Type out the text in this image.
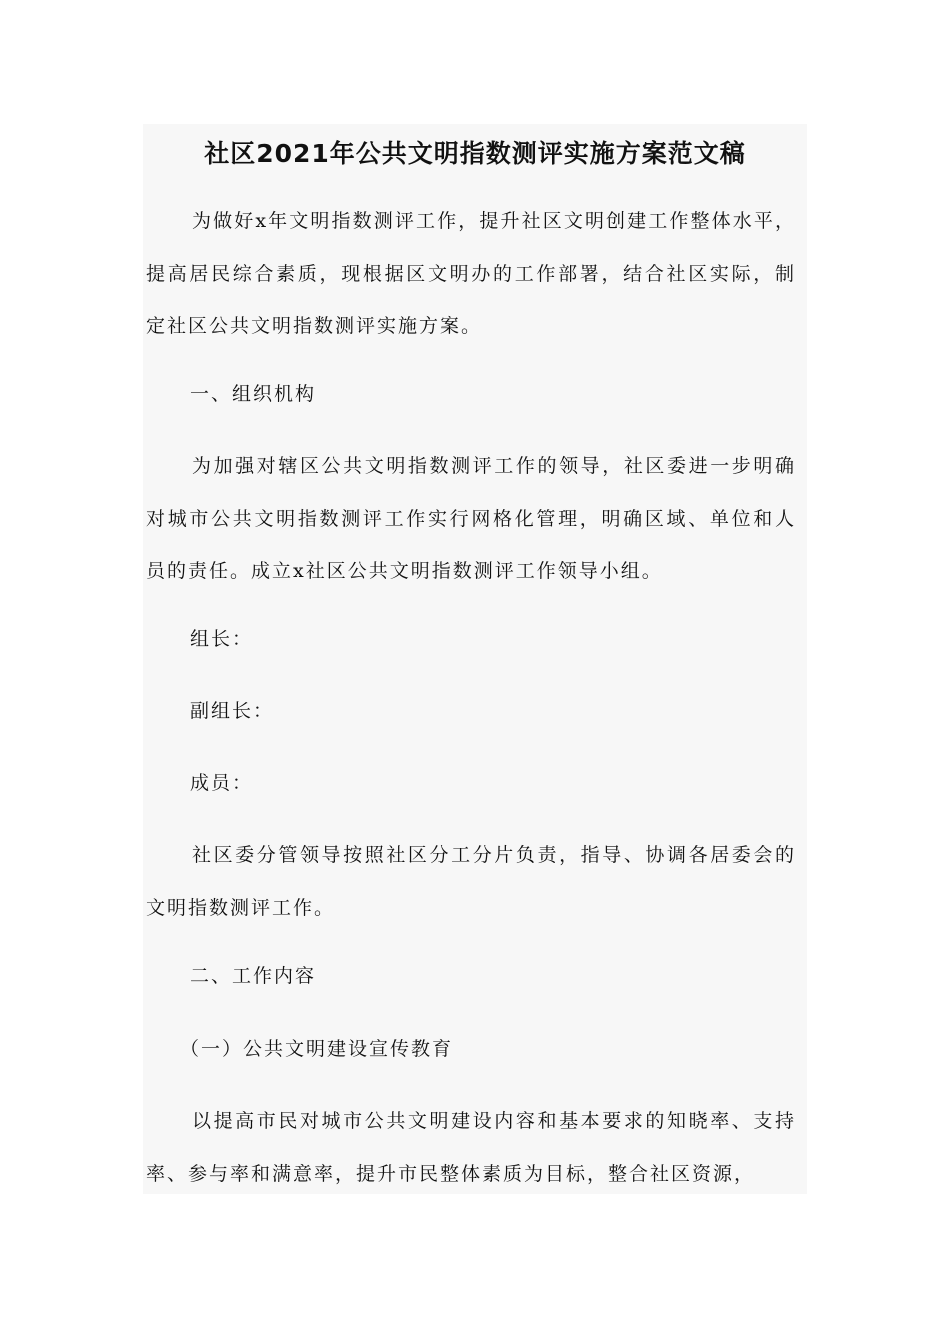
社区2021年公共文明指数测评实施方案范文稿

为做好x年文明指数测评工作，提升社区文明创建工作整体水平，提高居民综合素质，现根据区文明办的工作部署，结合社区实际，制定社区公共文明指数测评实施方案。

一、组织机构

为加强对辖区公共文明指数测评工作的领导，社区委进一步明确对城市公共文明指数测评工作实行网格化管理，明确区域、单位和人员的责任。成立x社区公共文明指数测评工作领导小组。

组长：

副组长：

成员：

社区委分管领导按照社区分工分片负责，指导、协调各居委会的文明指数测评工作。

二、工作内容

（一）公共文明建设宣传教育

以提高市民对城市公共文明建设内容和基本要求的知晓率、支持率、参与率和满意率，提升市民整体素质为目标，整合社区资源，
